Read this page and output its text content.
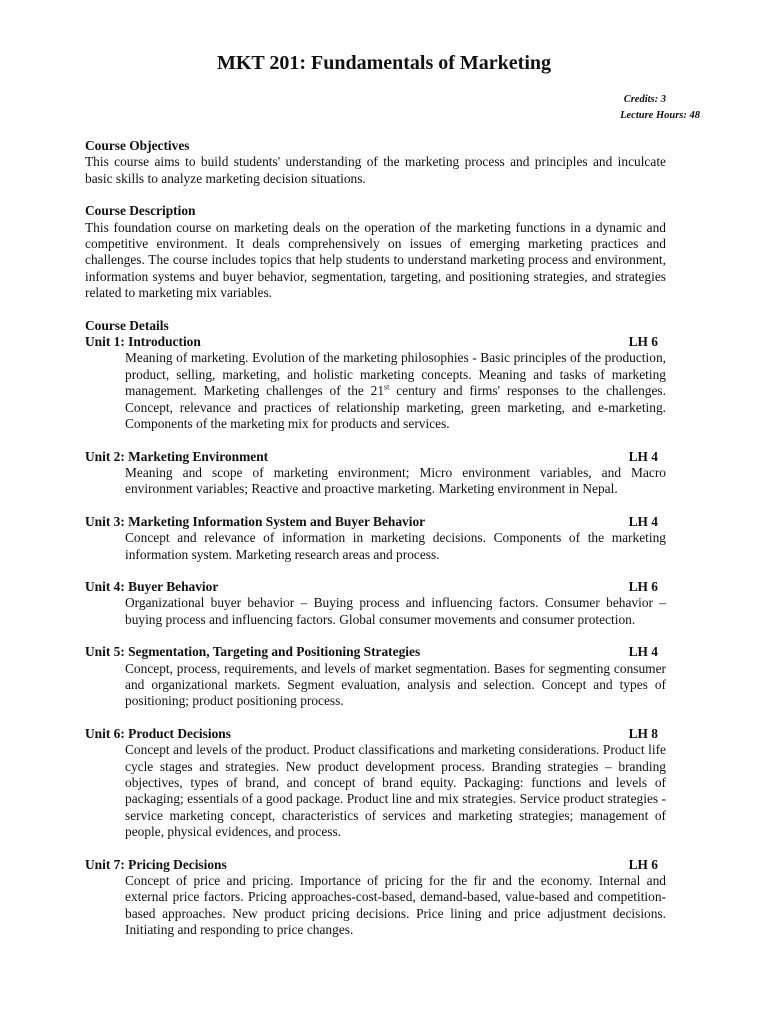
MKT 201: Fundamentals of Marketing
Credits: 3
Lecture Hours: 48
Course Objectives
This course aims to build students' understanding of the marketing process and principles and inculcate basic skills to analyze marketing decision situations.
Course Description
This foundation course on marketing deals on the operation of the marketing functions in a dynamic and competitive environment. It deals comprehensively on issues of emerging marketing practices and challenges. The course includes topics that help students to understand marketing process and environment, information systems and buyer behavior, segmentation, targeting, and positioning strategies, and strategies related to marketing mix variables.
Course Details
Unit 1: Introduction	LH 6
Meaning of marketing. Evolution of the marketing philosophies - Basic principles of the production, product, selling, marketing, and holistic marketing concepts. Meaning and tasks of marketing management. Marketing challenges of the 21st century and firms' responses to the challenges. Concept, relevance and practices of relationship marketing, green marketing, and e-marketing. Components of the marketing mix for products and services.
Unit 2: Marketing Environment	LH 4
Meaning and scope of marketing environment; Micro environment variables, and Macro environment variables; Reactive and proactive marketing. Marketing environment in Nepal.
Unit 3: Marketing Information System and Buyer Behavior	LH 4
Concept and relevance of information in marketing decisions. Components of the marketing information system. Marketing research areas and process.
Unit 4: Buyer Behavior	LH 6
Organizational buyer behavior – Buying process and influencing factors. Consumer behavior – buying process and influencing factors. Global consumer movements and consumer protection.
Unit 5: Segmentation, Targeting and Positioning Strategies	LH 4
Concept, process, requirements, and levels of market segmentation. Bases for segmenting consumer and organizational markets. Segment evaluation, analysis and selection. Concept and types of positioning; product positioning process.
Unit 6: Product Decisions	LH 8
Concept and levels of the product. Product classifications and marketing considerations. Product life cycle stages and strategies. New product development process. Branding strategies – branding objectives, types of brand, and concept of brand equity. Packaging: functions and levels of packaging; essentials of a good package. Product line and mix strategies. Service product strategies - service marketing concept, characteristics of services and marketing strategies; management of people, physical evidences, and process.
Unit 7: Pricing Decisions	LH 6
Concept of price and pricing. Importance of pricing for the fir and the economy. Internal and external price factors. Pricing approaches-cost-based, demand-based, value-based and competition-based approaches. New product pricing decisions. Price lining and price adjustment decisions. Initiating and responding to price changes.
